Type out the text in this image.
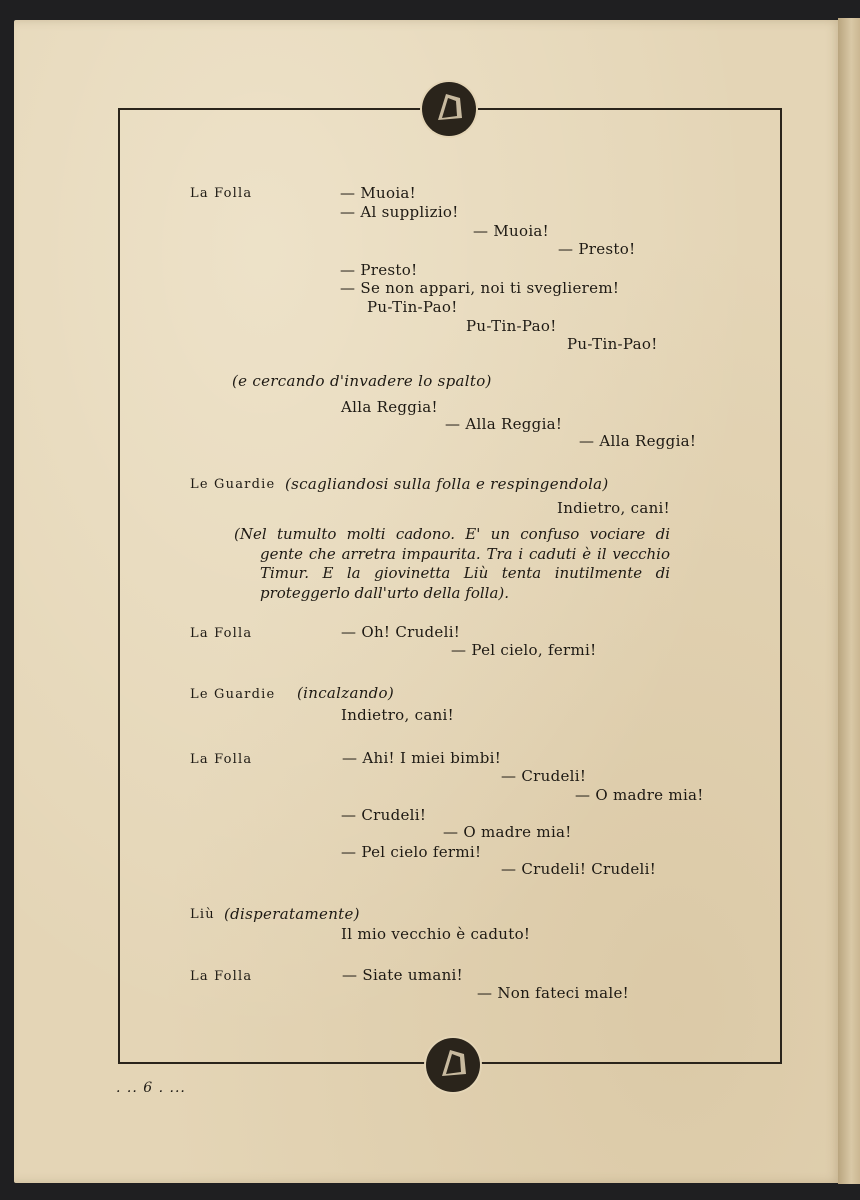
La Folla	— Muoia!
— Al supplizio!
— Muoia!
— Presto!
— Presto!
— Se non appari, noi ti sveglierem!
Pu-Tin-Pao!
Pu-Tin-Pao!
Pu-Tin-Pao!
(e cercando d'invadere lo spalto)
Alla Reggia!
— Alla Reggia!
— Alla Reggia!
Le Guardie (scagliandosi sulla folla e respingendola)
Indietro, cani!
(Nel tumulto molti cadono. E' un confuso vociare di gente che arretra impaurita. Tra i caduti è il vecchio Timur. E la giovinetta Liù tenta inutilmente di proteggerlo dall'urto della folla).
La Folla	— Oh! Crudeli!
— Pel cielo, fermi!
Le Guardie (incalzando)
Indietro, cani!
La Folla	— Ahi! I miei bimbi!
— Crudeli!
— O madre mia!
— Crudeli!
— O madre mia!
— Pel cielo fermi!
— Crudeli! Crudeli!
Liù (disperatamente)
Il mio vecchio è caduto!
La Folla	— Siate umani!
— Non fateci male!
. .. 6 . ...
